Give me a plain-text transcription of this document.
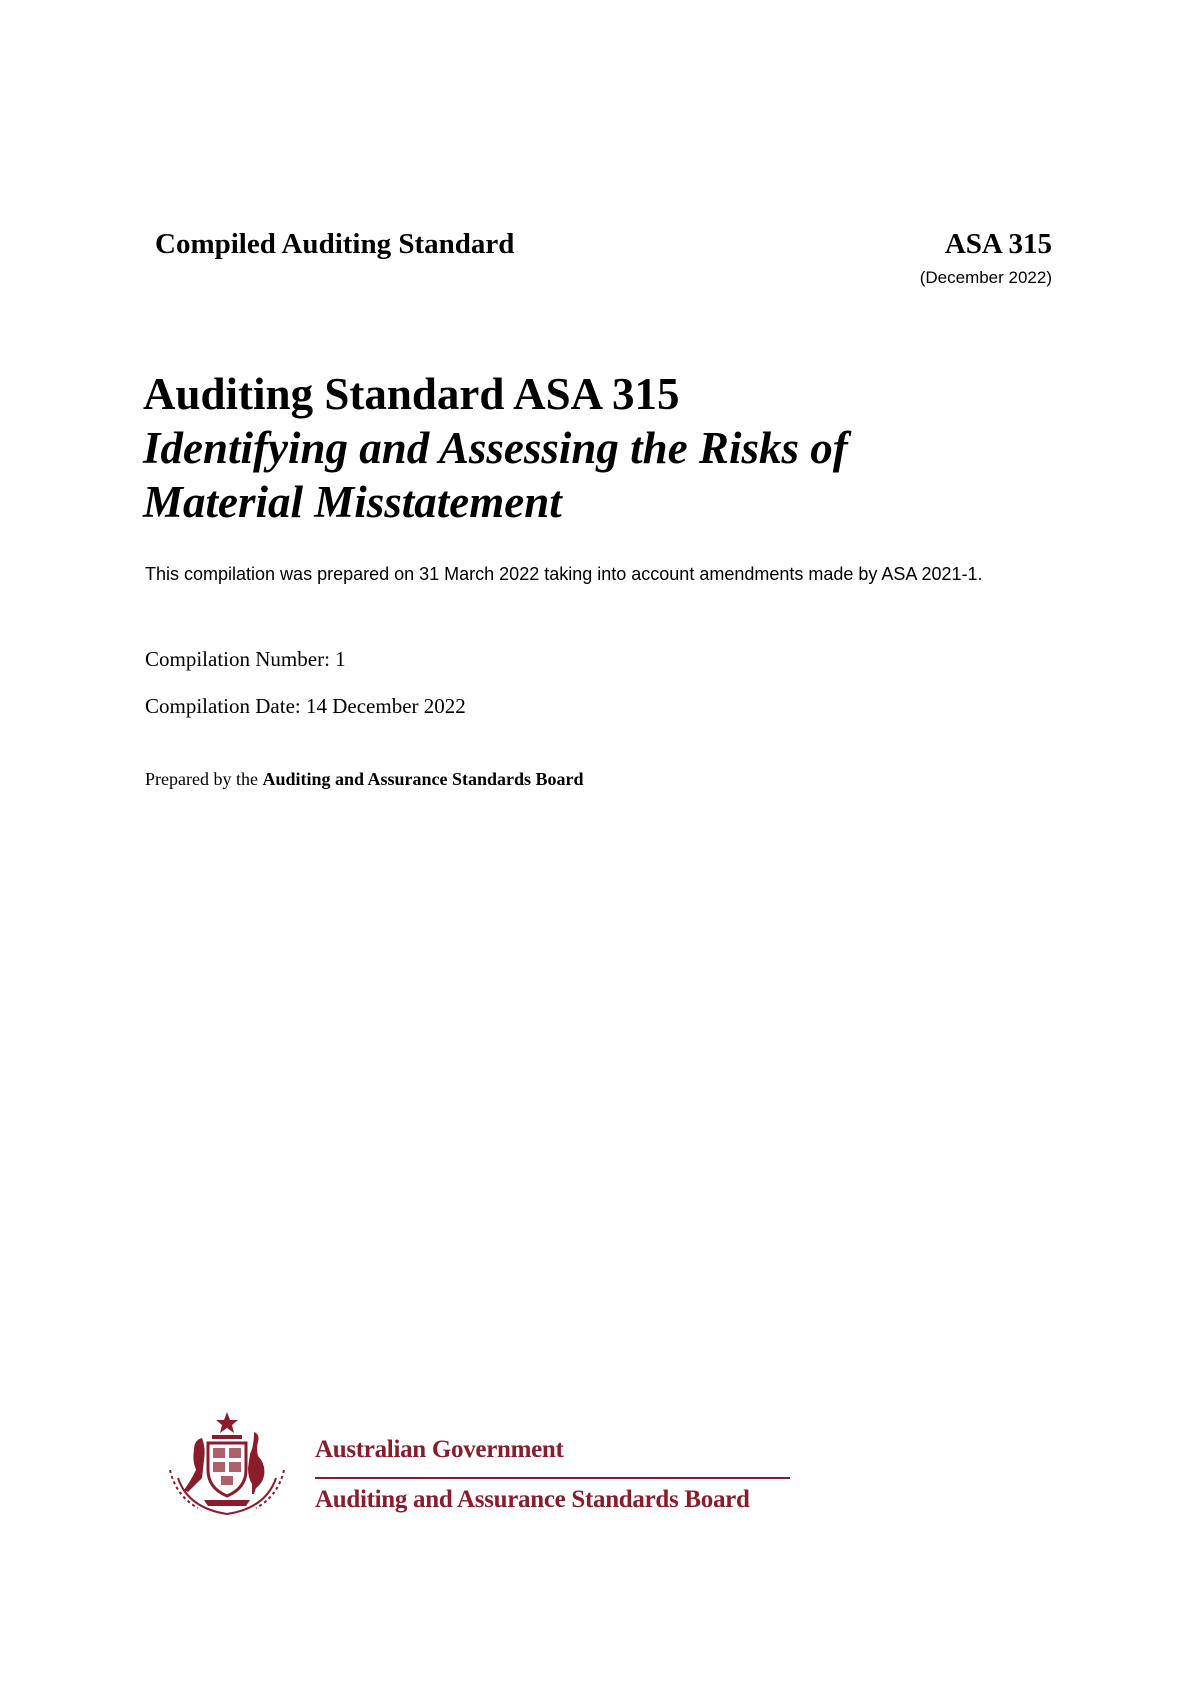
Compiled Auditing Standard	ASA 315
(December 2022)

Auditing Standard ASA 315

Identifying and Assessing the Risks of

Material Misstatement

This compilation was prepared on 31 March 2022 taking into account amendments made by ASA 2021-1.
Compilation Number: 1
Compilation Date: 14 December 2022
Prepared by the Auditing and Assurance Standards Board
Australian Government
Auditing and Assurance Standards Board
